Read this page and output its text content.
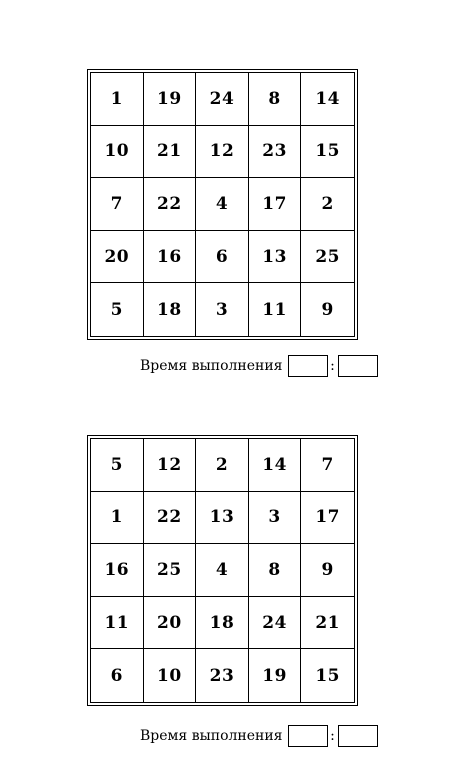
1	19	24	8	14
10	21	12	23	15
7	22	4	17	2
20	16	6	13	25
5	18	3	11	9
Время выполнения	:
5	12	2	14	7
1	22	13	3	17
16	25	4	8	9
11	20	18	24	21
6	10	23	19	15
Время выполнения	:
